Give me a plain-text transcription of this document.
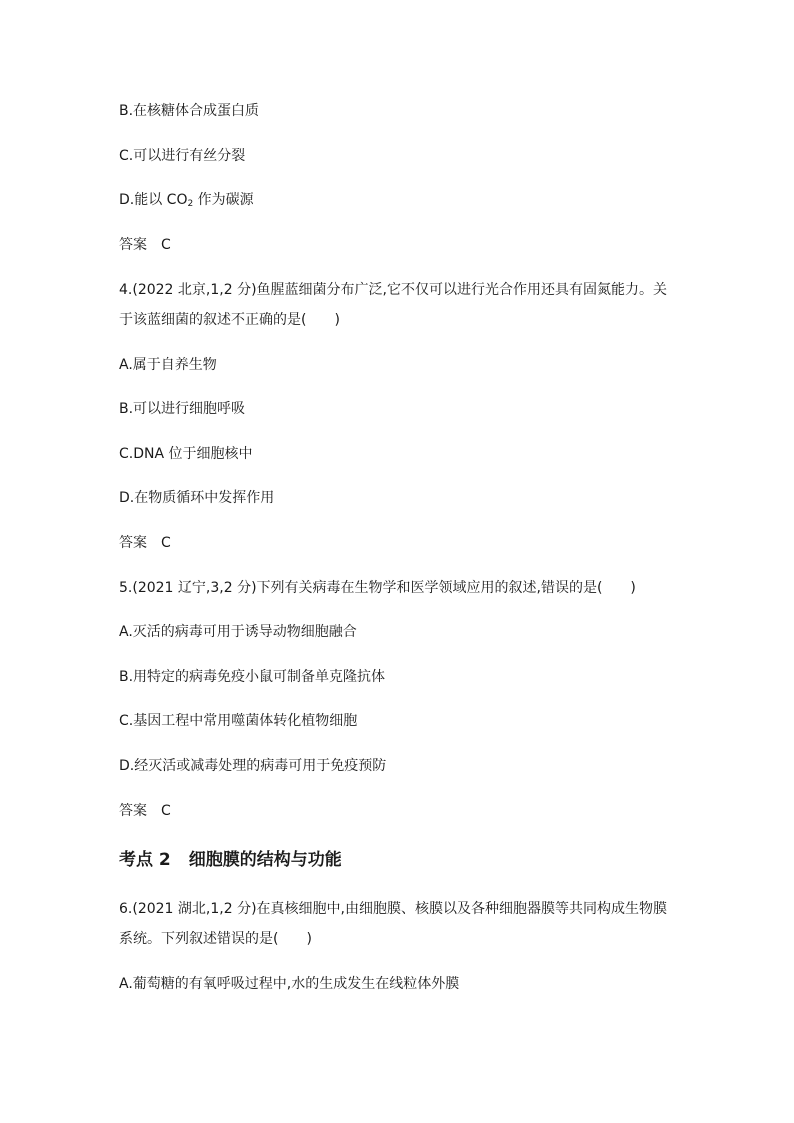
B.在核糖体合成蛋白质
C.可以进行有丝分裂
D.能以 $CO_2$ 作为碳源
答案 C
4.(2022 北京,1,2 分)鱼腥蓝细菌分布广泛,它不仅可以进行光合作用还具有固氮能力。关
于该蓝细菌的叙述不正确的是(　　)
A.属于自养生物
B.可以进行细胞呼吸
C.DNA 位于细胞核中
D.在物质循环中发挥作用
答案 C
5.(2021 辽宁,3,2 分)下列有关病毒在生物学和医学领域应用的叙述,错误的是(　　)
A.灭活的病毒可用于诱导动物细胞融合
B.用特定的病毒免疫小鼠可制备单克隆抗体
C.基因工程中常用噬菌体转化植物细胞
D.经灭活或减毒处理的病毒可用于免疫预防
答案 C
考点 2 细胞膜的结构与功能
6.(2021 湖北,1,2 分)在真核细胞中,由细胞膜、核膜以及各种细胞器膜等共同构成生物膜
系统。下列叙述错误的是(　　)
A.葡萄糖的有氧呼吸过程中,水的生成发生在线粒体外膜
